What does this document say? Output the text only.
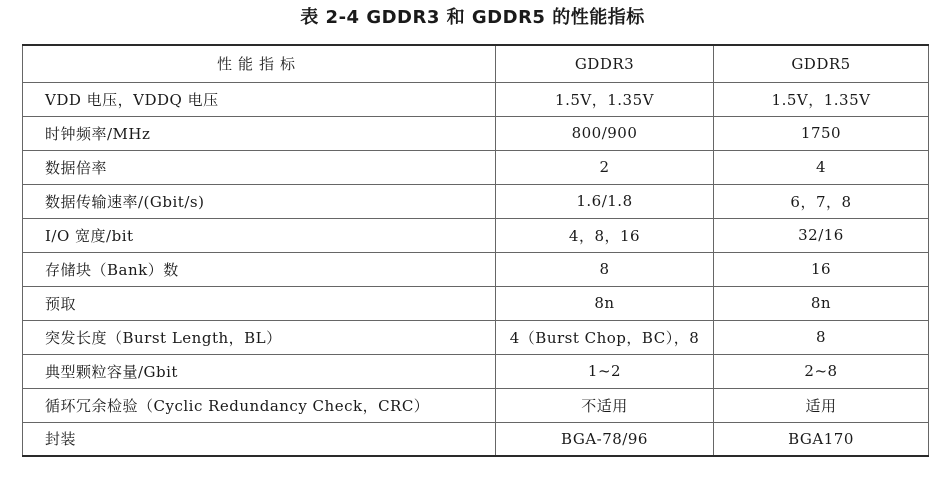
表 2-4 GDDR3 和 GDDR5 的性能指标
性能指标	GDDR3	GDDR5
VDD 电压，VDDQ 电压	1.5V，1.35V	1.5V，1.35V
时钟频率/MHz	800/900	1750
数据倍率	2	4
数据传输速率/(Gbit/s)	1.6/1.8	6，7，8
I/O 宽度/bit	4，8，16	32/16
存储块（Bank）数	8	16
预取	8n	8n
突发长度（Burst Length，BL）	4（Burst Chop，BC），8	8
典型颗粒容量/Gbit	1~2	2~8
循环冗余检验（Cyclic Redundancy Check，CRC）	不适用	适用
封装	BGA-78/96	BGA170
